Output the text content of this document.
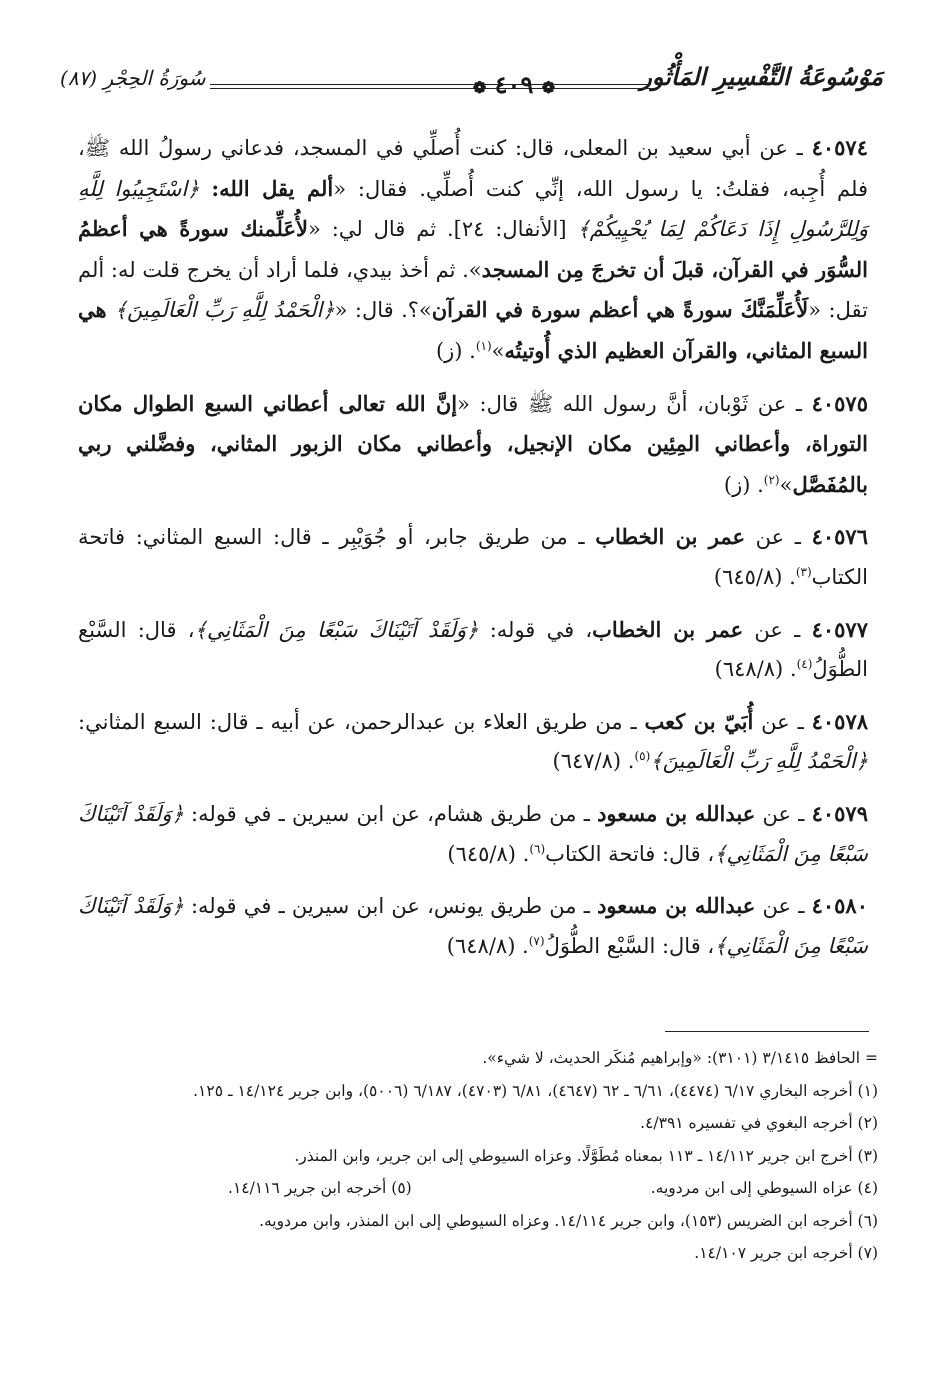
مَوْسُوعَةُ التَّفْسِيرِ المَأْثُور
❁ ٤٠٩ ❁
سُورَةُ الحِجْرِ (٨٧)

٤٠٥٧٤ ـ عن أبي سعيد بن المعلى، قال: كنت أُصلِّي في المسجد، فدعاني رسولُ الله ﷺ، فلم أُجِبه، فقلتُ: يا رسول الله، إنِّي كنت أُصلِّي. فقال: «ألم يقل الله: ﴿اسْتَجِيبُوا لِلَّهِ وَلِلرَّسُولِ إِذَا دَعَاكُمْ لِمَا يُحْيِيكُمْ﴾ [الأنفال: ٢٤]. ثم قال لي: «لأُعَلِّمنك سورةً هي أعظمُ السُّوَر في القرآن، قبلَ أن تخرجَ مِن المسجد». ثم أخذ بيدي، فلما أراد أن يخرج قلت له: ألم تقل: «لَأُعَلِّمَنَّكَ سورةً هي أعظم سورة في القرآن»؟. قال: «﴿الْحَمْدُ لِلَّهِ رَبِّ الْعَالَمِينَ﴾ هي السبع المثاني، والقرآن العظيم الذي أُوتيتُه»$^{(١)}$. (ز)

٤٠٥٧٥ ـ عن ثَوْبان، أنَّ رسول الله ﷺ قال: «إنَّ الله تعالى أعطاني السبع الطوال مكان التوراة، وأعطاني المِئِين مكان الإنجيل، وأعطاني مكان الزبور المثاني، وفضَّلني ربي بالمُفَصَّل»$^{(٢)}$. (ز)

٤٠٥٧٦ ـ عن عمر بن الخطاب ـ من طريق جابر، أو جُوَيْبِر ـ قال: السبع المثاني: فاتحة الكتاب$^{(٣)}$. (٦٤٥/٨)

٤٠٥٧٧ ـ عن عمر بن الخطاب، في قوله: ﴿وَلَقَدْ آتَيْنَاكَ سَبْعًا مِنَ الْمَثَانِي﴾، قال: السَّبْع الطُّوَلُ$^{(٤)}$. (٦٤٨/٨)

٤٠٥٧٨ ـ عن أُبَيّ بن كعب ـ من طريق العلاء بن عبدالرحمن، عن أبيه ـ قال: السبع المثاني: ﴿الْحَمْدُ لِلَّهِ رَبِّ الْعَالَمِينَ﴾$^{(٥)}$. (٦٤٧/٨)

٤٠٥٧٩ ـ عن عبدالله بن مسعود ـ من طريق هشام، عن ابن سيرين ـ في قوله: ﴿وَلَقَدْ آتَيْنَاكَ سَبْعًا مِنَ الْمَثَانِي﴾، قال: فاتحة الكتاب$^{(٦)}$. (٦٤٥/٨)

٤٠٥٨٠ ـ عن عبدالله بن مسعود ـ من طريق يونس، عن ابن سيرين ـ في قوله: ﴿وَلَقَدْ آتَيْنَاكَ سَبْعًا مِنَ الْمَثَانِي﴾، قال: السَّبْع الطُّوَلُ$^{(٧)}$. (٦٤٨/٨)

= الحافظ ٣/١٤١٥ (٣١٠١): «وإبراهيم مُنكَر الحديث، لا شيء».

(١) أخرجه البخاري ٦/١٧ (٤٤٧٤)، ٦/٦١ ـ ٦٢ (٤٦٤٧)، ٦/٨١ (٤٧٠٣)، ٦/١٨٧ (٥٠٠٦)، وابن جرير ١٤/١٢٤ ـ ١٢٥.

(٢) أخرجه البغوي في تفسيره ٤/٣٩١.

(٣) أخرج ابن جرير ١٤/١١٢ ـ ١١٣ بمعناه مُطَوَّلًا. وعزاه السيوطي إلى ابن جرير، وابن المنذر.

(٤) عزاه السيوطي إلى ابن مردويه.
(٥) أخرجه ابن جرير ١٤/١١٦.

(٦) أخرجه ابن الضريس (١٥٣)، وابن جرير ١٤/١١٤. وعزاه السيوطي إلى ابن المنذر، وابن مردويه.

(٧) أخرجه ابن جرير ١٤/١٠٧.
